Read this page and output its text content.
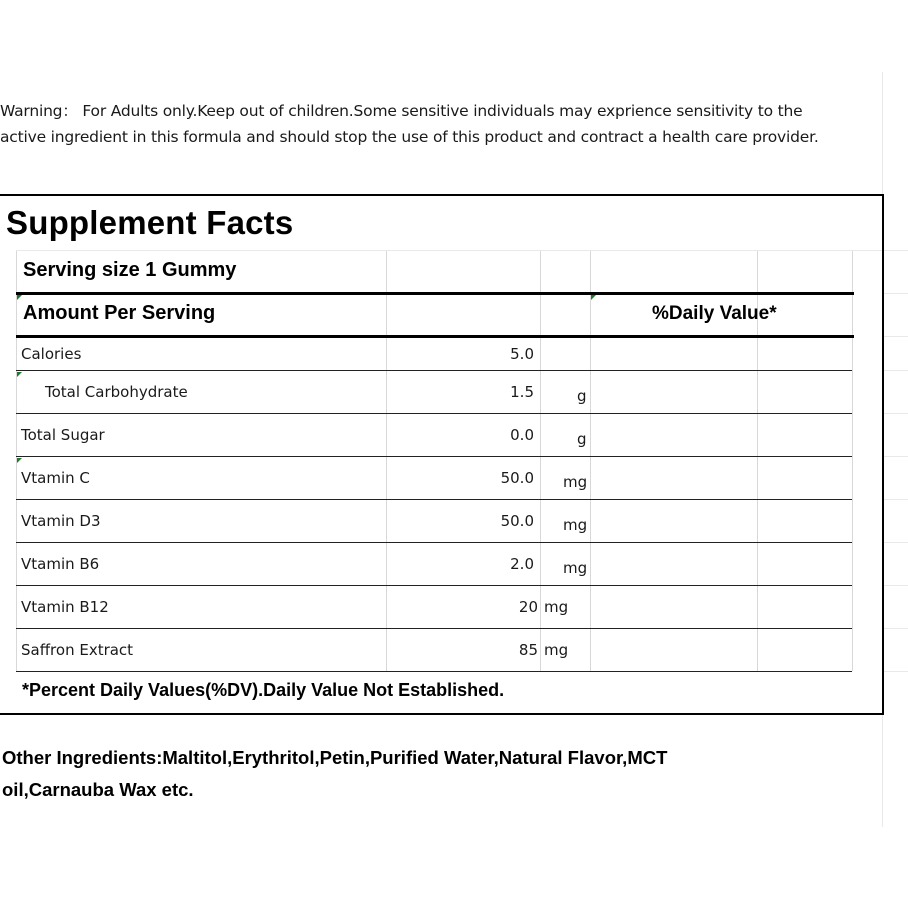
Warning： For Adults only.Keep out of children.Some sensitive individuals may exprience sensitivity to the
active ingredient in this formula and should stop the use of this product and contract a health care provider.
Supplement Facts
Serving size 1 Gummy
Amount Per Serving	%Daily Value*
Calories	5.0
Total Carbohydrate	1.5	g
Total Sugar	0.0	g
Vtamin C	50.0 mg
Vtamin D3	50.0 mg
Vtamin B6	2.0 mg
Vtamin B12	20 mg
Saffron Extract	85 mg
*Percent Daily Values(%DV).Daily Value Not Established.
Other Ingredients:Maltitol,Erythritol,Petin,Purified Water,Natural Flavor,MCT
oil,Carnauba Wax etc.
